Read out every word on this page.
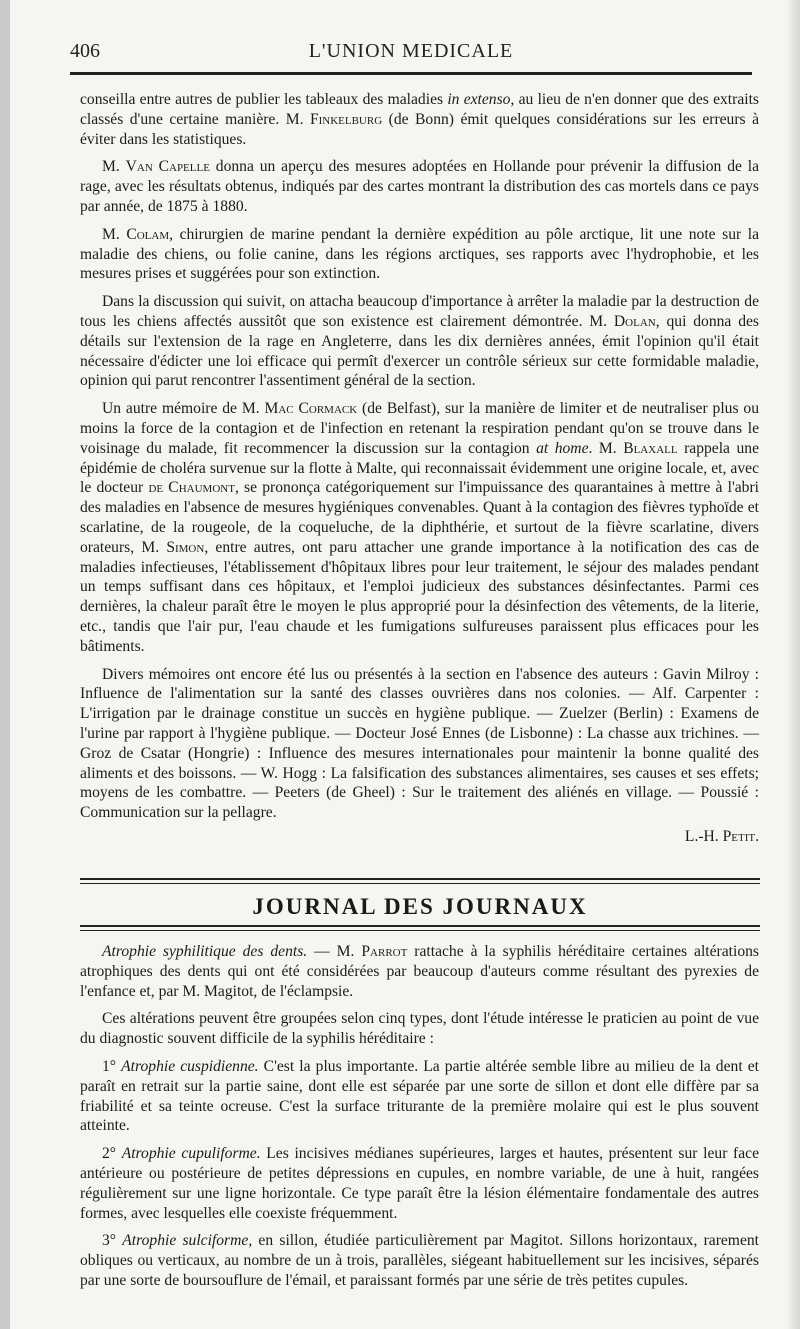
406	L'UNION MEDICALE

conseilla entre autres de publier les tableaux des maladies in extenso, au lieu de n'en donner que des extraits classés d'une certaine manière. M. Finkelburg (de Bonn) émit quelques considérations sur les erreurs à éviter dans les statistiques.

M. Van Capelle donna un aperçu des mesures adoptées en Hollande pour prévenir la diffusion de la rage, avec les résultats obtenus, indiqués par des cartes montrant la distribution des cas mortels dans ce pays par année, de 1875 à 1880.

M. Colam, chirurgien de marine pendant la dernière expédition au pôle arctique, lit une note sur la maladie des chiens, ou folie canine, dans les régions arctiques, ses rapports avec l'hydrophobie, et les mesures prises et suggérées pour son extinction.

Dans la discussion qui suivit, on attacha beaucoup d'importance à arrêter la maladie par la destruction de tous les chiens affectés aussitôt que son existence est clairement démontrée. M. Dolan, qui donna des détails sur l'extension de la rage en Angleterre, dans les dix dernières années, émit l'opinion qu'il était nécessaire d'édicter une loi efficace qui permît d'exercer un contrôle sérieux sur cette formidable maladie, opinion qui parut rencontrer l'assentiment général de la section.

Un autre mémoire de M. Mac Cormack (de Belfast), sur la manière de limiter et de neutraliser plus ou moins la force de la contagion et de l'infection en retenant la respiration pendant qu'on se trouve dans le voisinage du malade, fit recommencer la discussion sur la contagion at home. M. Blaxall rappela une épidémie de choléra survenue sur la flotte à Malte, qui reconnaissait évidemment une origine locale, et, avec le docteur de Chaumont, se prononça catégoriquement sur l'impuissance des quarantaines à mettre à l'abri des maladies en l'absence de mesures hygiéniques convenables. Quant à la contagion des fièvres typhoïde et scarlatine, de la rougeole, de la coqueluche, de la diphthérie, et surtout de la fièvre scarlatine, divers orateurs, M. Simon, entre autres, ont paru attacher une grande importance à la notification des cas de maladies infectieuses, l'établissement d'hôpitaux libres pour leur traitement, le séjour des malades pendant un temps suffisant dans ces hôpitaux, et l'emploi judicieux des substances désinfectantes. Parmi ces dernières, la chaleur paraît être le moyen le plus approprié pour la désinfection des vêtements, de la literie, etc., tandis que l'air pur, l'eau chaude et les fumigations sulfureuses paraissent plus efficaces pour les bâtiments.

Divers mémoires ont encore été lus ou présentés à la section en l'absence des auteurs : Gavin Milroy : Influence de l'alimentation sur la santé des classes ouvrières dans nos colonies. — Alf. Carpenter : L'irrigation par le drainage constitue un succès en hygiène publique. — Zuelzer (Berlin) : Examens de l'urine par rapport à l'hygiène publique. — Docteur José Ennes (de Lisbonne) : La chasse aux trichines. — Groz de Csatar (Hongrie) : Influence des mesures internationales pour maintenir la bonne qualité des aliments et des boissons. — W. Hogg : La falsification des substances alimentaires, ses causes et ses effets; moyens de les combattre. — Peeters (de Gheel) : Sur le traitement des aliénés en village. — Poussié : Communication sur la pellagre.

L.-H. Petit.
JOURNAL DES JOURNAUX

Atrophie syphilitique des dents. — M. Parrot rattache à la syphilis héréditaire certaines altérations atrophiques des dents qui ont été considérées par beaucoup d'auteurs comme résultant des pyrexies de l'enfance et, par M. Magitot, de l'éclampsie.

Ces altérations peuvent être groupées selon cinq types, dont l'étude intéresse le praticien au point de vue du diagnostic souvent difficile de la syphilis héréditaire :

1° Atrophie cuspidienne. C'est la plus importante. La partie altérée semble libre au milieu de la dent et paraît en retrait sur la partie saine, dont elle est séparée par une sorte de sillon et dont elle diffère par sa friabilité et sa teinte ocreuse. C'est la surface triturante de la première molaire qui est le plus souvent atteinte.

2° Atrophie cupuliforme. Les incisives médianes supérieures, larges et hautes, présentent sur leur face antérieure ou postérieure de petites dépressions en cupules, en nombre variable, de une à huit, rangées régulièrement sur une ligne horizontale. Ce type paraît être la lésion élémentaire fondamentale des autres formes, avec lesquelles elle coexiste fréquemment.

3° Atrophie sulciforme, en sillon, étudiée particulièrement par Magitot. Sillons horizontaux, rarement obliques ou verticaux, au nombre de un à trois, parallèles, siégeant habituellement sur les incisives, séparés par une sorte de boursouflure de l'émail, et paraissant formés par une série de très petites cupules.
